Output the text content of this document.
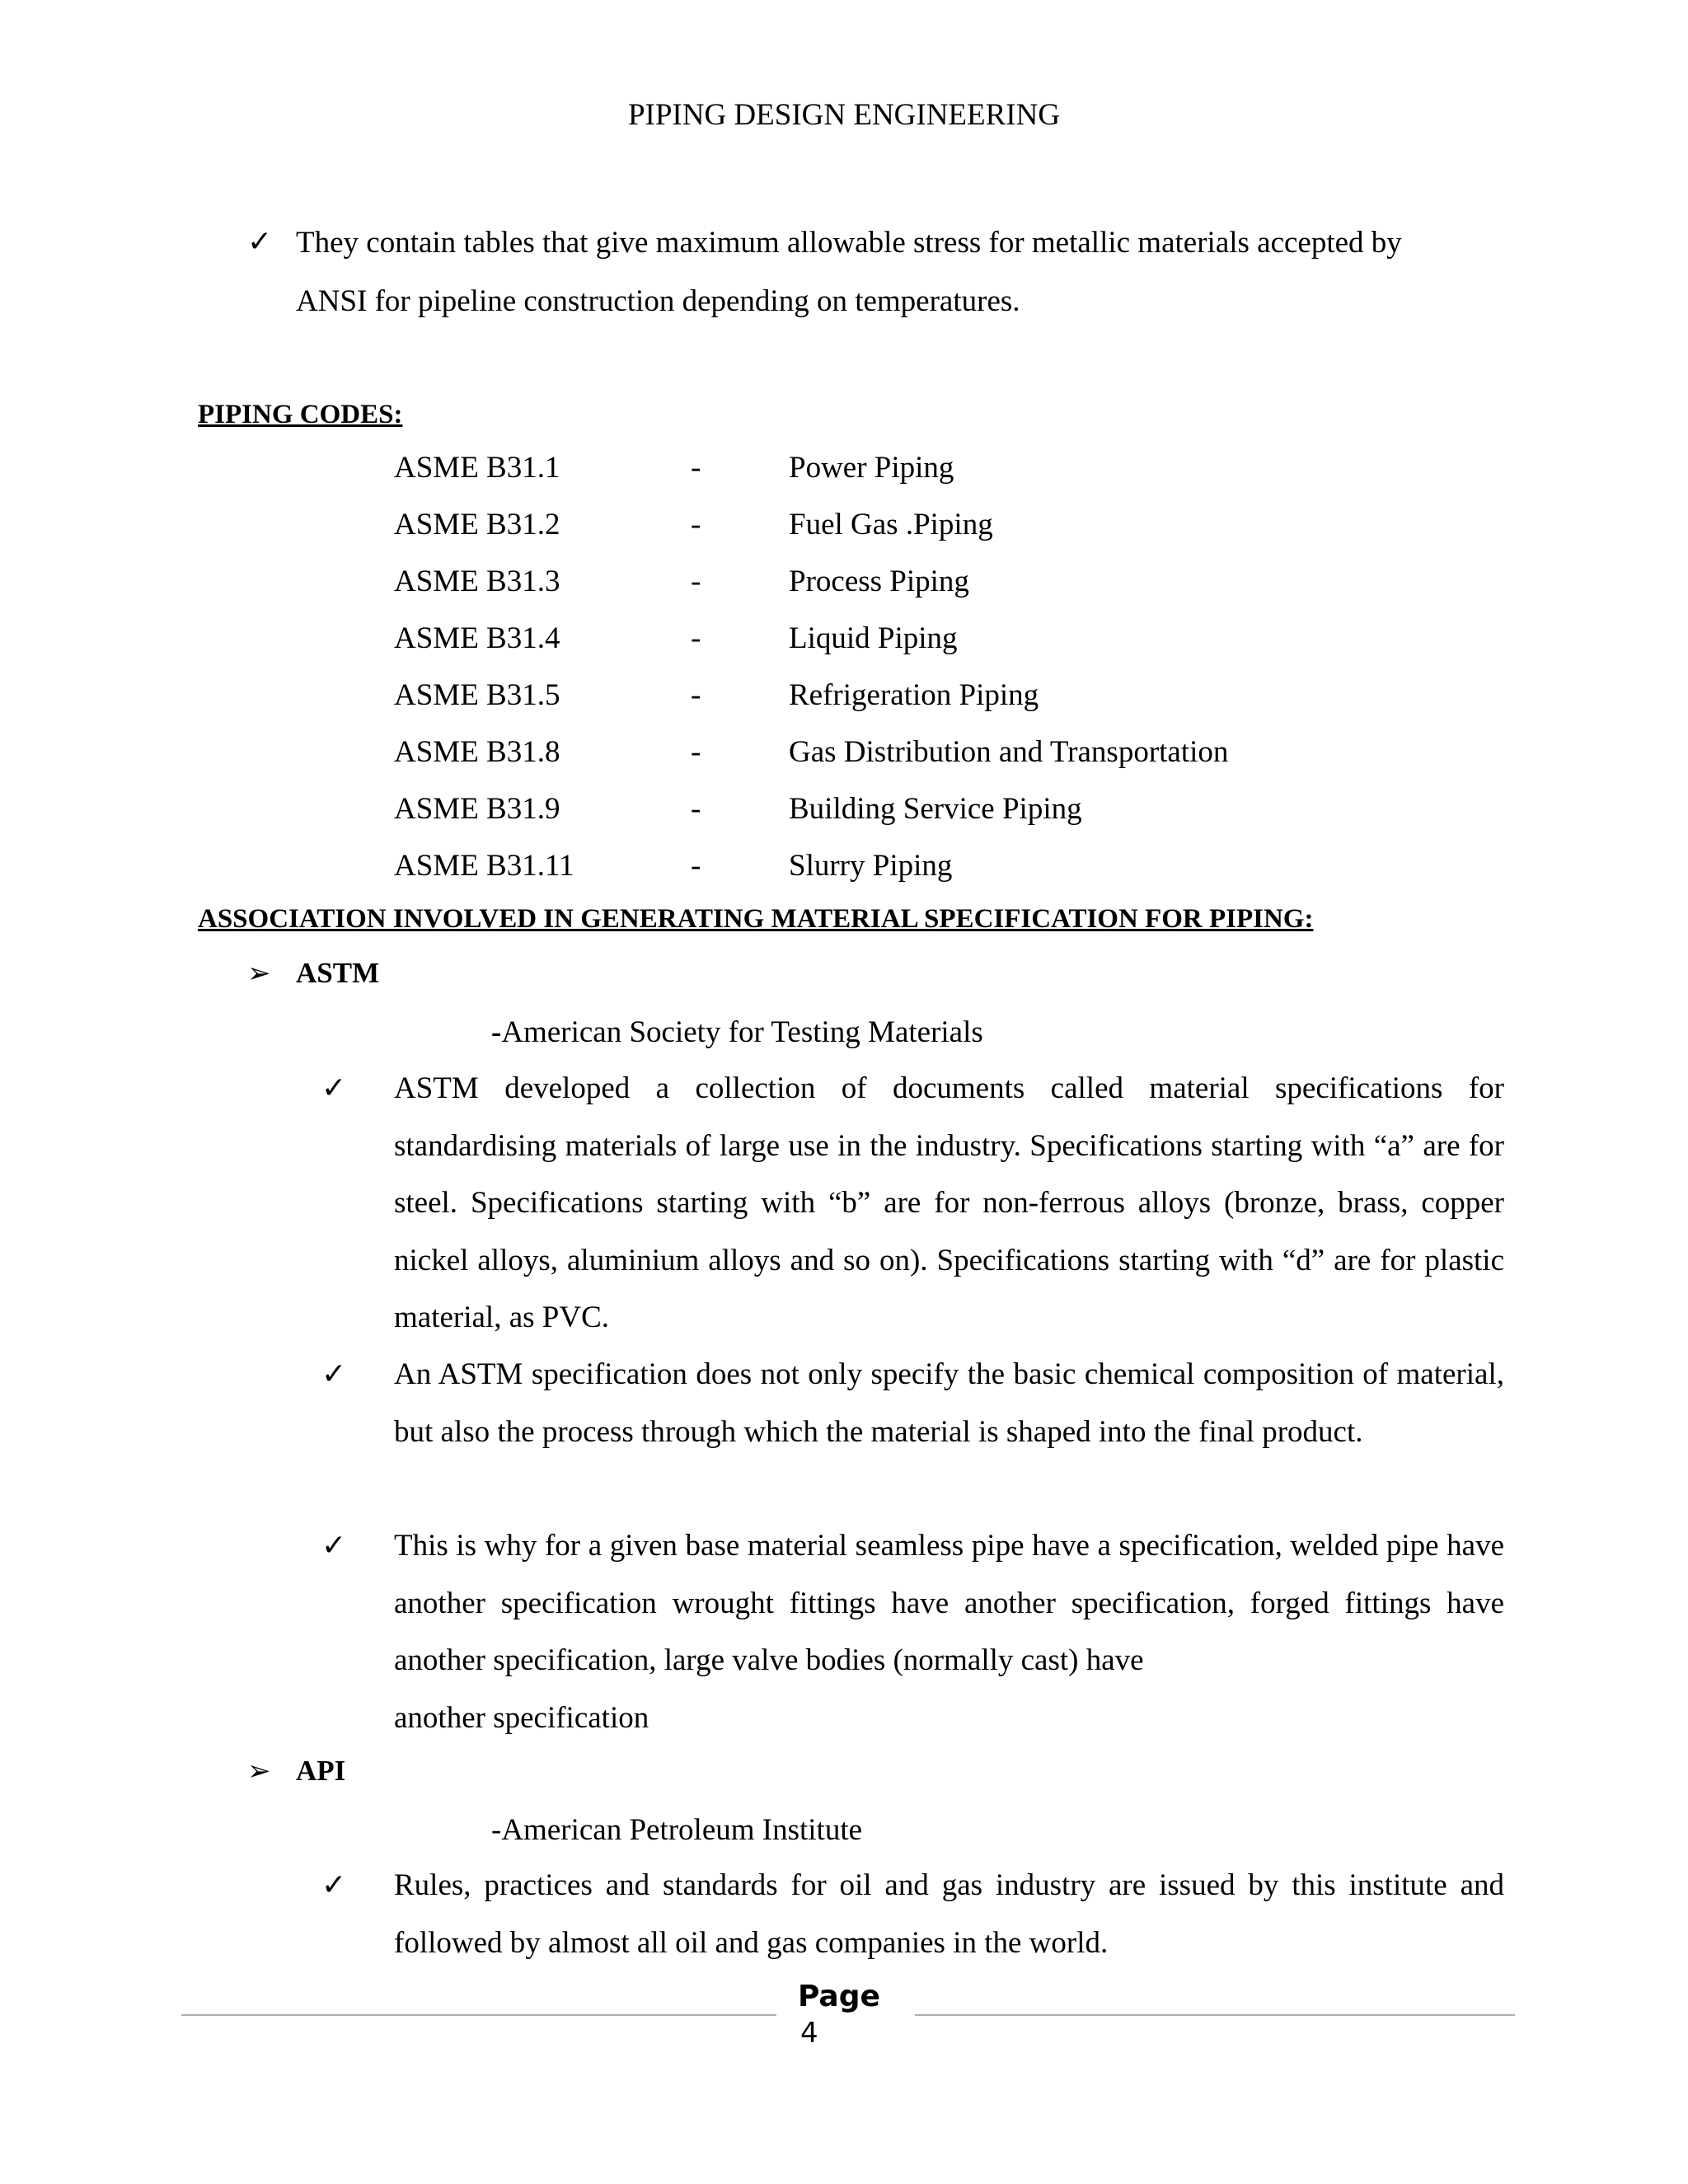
PIPING DESIGN ENGINEERING
✓ They contain tables that give maximum allowable stress for metallic materials accepted by
ANSI for pipeline construction depending on temperatures.
PIPING CODES:
ASME B31.1	-	Power Piping
ASME B31.2	-	Fuel Gas .Piping
ASME B31.3	-	Process Piping
ASME B31.4	-	Liquid Piping
ASME B31.5	-	Refrigeration Piping
ASME B31.8	-	Gas Distribution and Transportation
ASME B31.9	-	Building Service Piping
ASME B31.11	-	Slurry Piping
ASSOCIATION INVOLVED IN GENERATING MATERIAL SPECIFICATION FOR PIPING:
➢ ASTM
-American Society for Testing Materials
✓ ASTM developed a collection of documents called material specifications for standardising materials of large use in the industry. Specifications starting with “a” are for steel. Specifications starting with “b” are for non-ferrous alloys (bronze, brass, copper nickel alloys, aluminium alloys and so on). Specifications starting with “d” are for plastic material, as PVC.
✓ An ASTM specification does not only specify the basic chemical composition of material, but also the process through which the material is shaped into the final product.
✓ This is why for a given base material seamless pipe have a specification, welded pipe have another specification wrought fittings have another specification, forged fittings have another specification, large valve bodies (normally cast) have
another specification
➢ API
-American Petroleum Institute
✓ Rules, practices and standards for oil and gas industry are issued by this institute and followed by almost all oil and gas companies in the world.
Page
4
